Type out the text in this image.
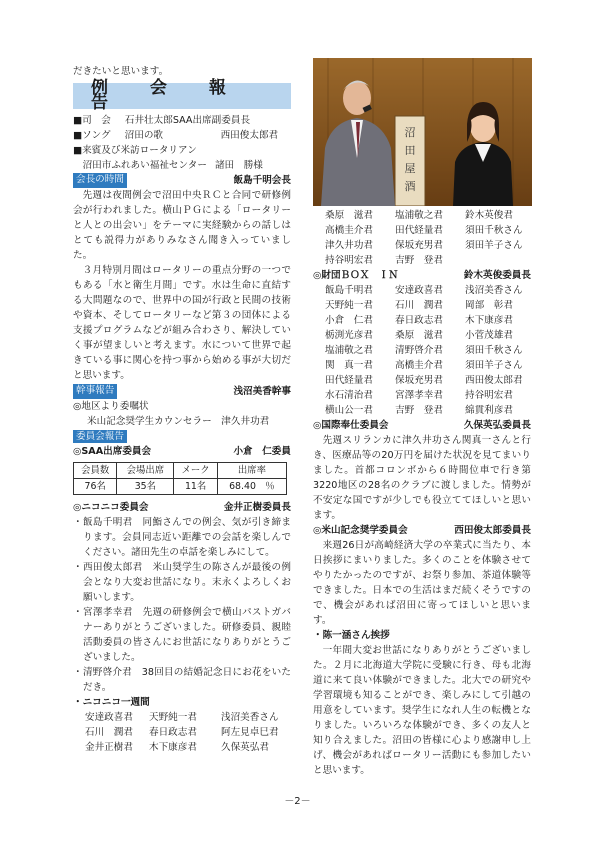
沼
田
屋
酒
だきたいと思います。
例 会 報 告
■司　会 石井壮太郎SAA出席副委員長
■ソング 沼田の歌　　　　　　西田俊太郎君
■来賓及び米訪ロータリアン
　沼田市ふれあい福祉センター 諸田　勝様
会長の時間	飯島千明会長
先週は夜間例会で沼田中央ＲＣと合同で研修例会が行われました。横山ＰＧによる「ロータリーと人との出会い」をテーマに実経験からの話しはとても説得力がありみなさん聞き入っていました。
３月特別月間はロータリーの重点分野の一つでもある「水と衛生月間」です。水は生命に直結する大問題なので、世界中の国が行政と民間の技術や資本、そしてロータリーなど第３の団体による支援プログラムなどが組み合わさり、解決していく事が望ましいと考えます。水について世界で起きている事に関心を持つ事から始める事が大切だと思います。
幹事報告	浅沼美香幹事
◎地区より委嘱状
米山記念奨学生カウンセラー　津久井功君
委員会報告
◎SAA出席委員会	小倉　仁委員
会員数	会場出席	メーク	出席率
76名	35名	11名	68.40　％
◎ニコニコ委員会	金井正樹委員長
・ 飯島千明君　同鮨さんでの例会、気が引き締まります。会員同志近い距離での会話を楽しんでください。諸田先生の卓話を楽しみにして。
・ 西田俊太郎君　米山奨学生の陈さんが最後の例会となり大変お世話になり。末永くよろしくお願いします。
・ 宮澤孝幸君　先週の研修例会で横山パストガバナーありがとうございました。研修委員、親睦活動委員の皆さんにお世話になりありがとうございました。
・ 清野啓介君　38回目の結婚記念日にお花をいただき。
・ニコニコ一週間
安達政喜君	天野純一君	浅沼美香さん
石川　潤君	春日政志君	阿左見卓巳君
金井正樹君	木下康彦君	久保英弘君
桑原　滋君	塩浦敬之君	鈴木英俊君
高橋圭介君	田代経量君	須田千秋さん
津久井功君	保坂充男君	須田羊子さん
持谷明宏君	吉野　登君
◎財団ＢＯＸ　ＩＮ	鈴木英俊委員長
飯島千明君	安達政喜君	浅沼美香さん
天野純一君	石川　潤君	岡部　彰君
小倉　仁君	春日政志君	木下康彦君
栃渕光彦君	桑原　滋君	小菅茂雄君
塩浦敬之君	清野啓介君	須田千秋さん
関　真一君	高橋圭介君	須田羊子さん
田代経量君	保坂充男君	西田俊太郎君
水石清治君	宮澤孝幸君	持谷明宏君
横山公一君	吉野　登君	綿貫利彦君
◎国際奉仕委員会	久保英弘委員長
先週スリランカに津久井功さん関真一さんと行き、医療品等の20万円を届けた状況を見てまいりました。首都コロンボから６時間位車で行き第3220地区の28名のクラブに渡しました。情勢が不安定な国ですが少しでも役立ててほしいと思います。
◎米山記念奨学委員会	西田俊太郎委員長
来週26日が高崎経済大学の卒業式に当たり、本日挨拶にまいりました。多くのことを体験させてやりたかったのですが、お祭り参加、茶道体験等できました。日本での生活はまだ続くそうですので、機会があれば沼田に寄ってほしいと思います。
・陈一涵さん挨拶
一年間大変お世話になりありがとうございました。２月に北海道大学院に受験に行き、母も北海道に来て良い体験ができました。北大での研究や学習環境も知ることができ、楽しみにして引越の用意をしています。奨学生になれ人生の転機となりました。いろいろな体験ができ、多くの友人と知り合えました。沼田の皆様に心より感謝申し上げ、機会があればロータリー活動にも参加したいと思います。
－2－
